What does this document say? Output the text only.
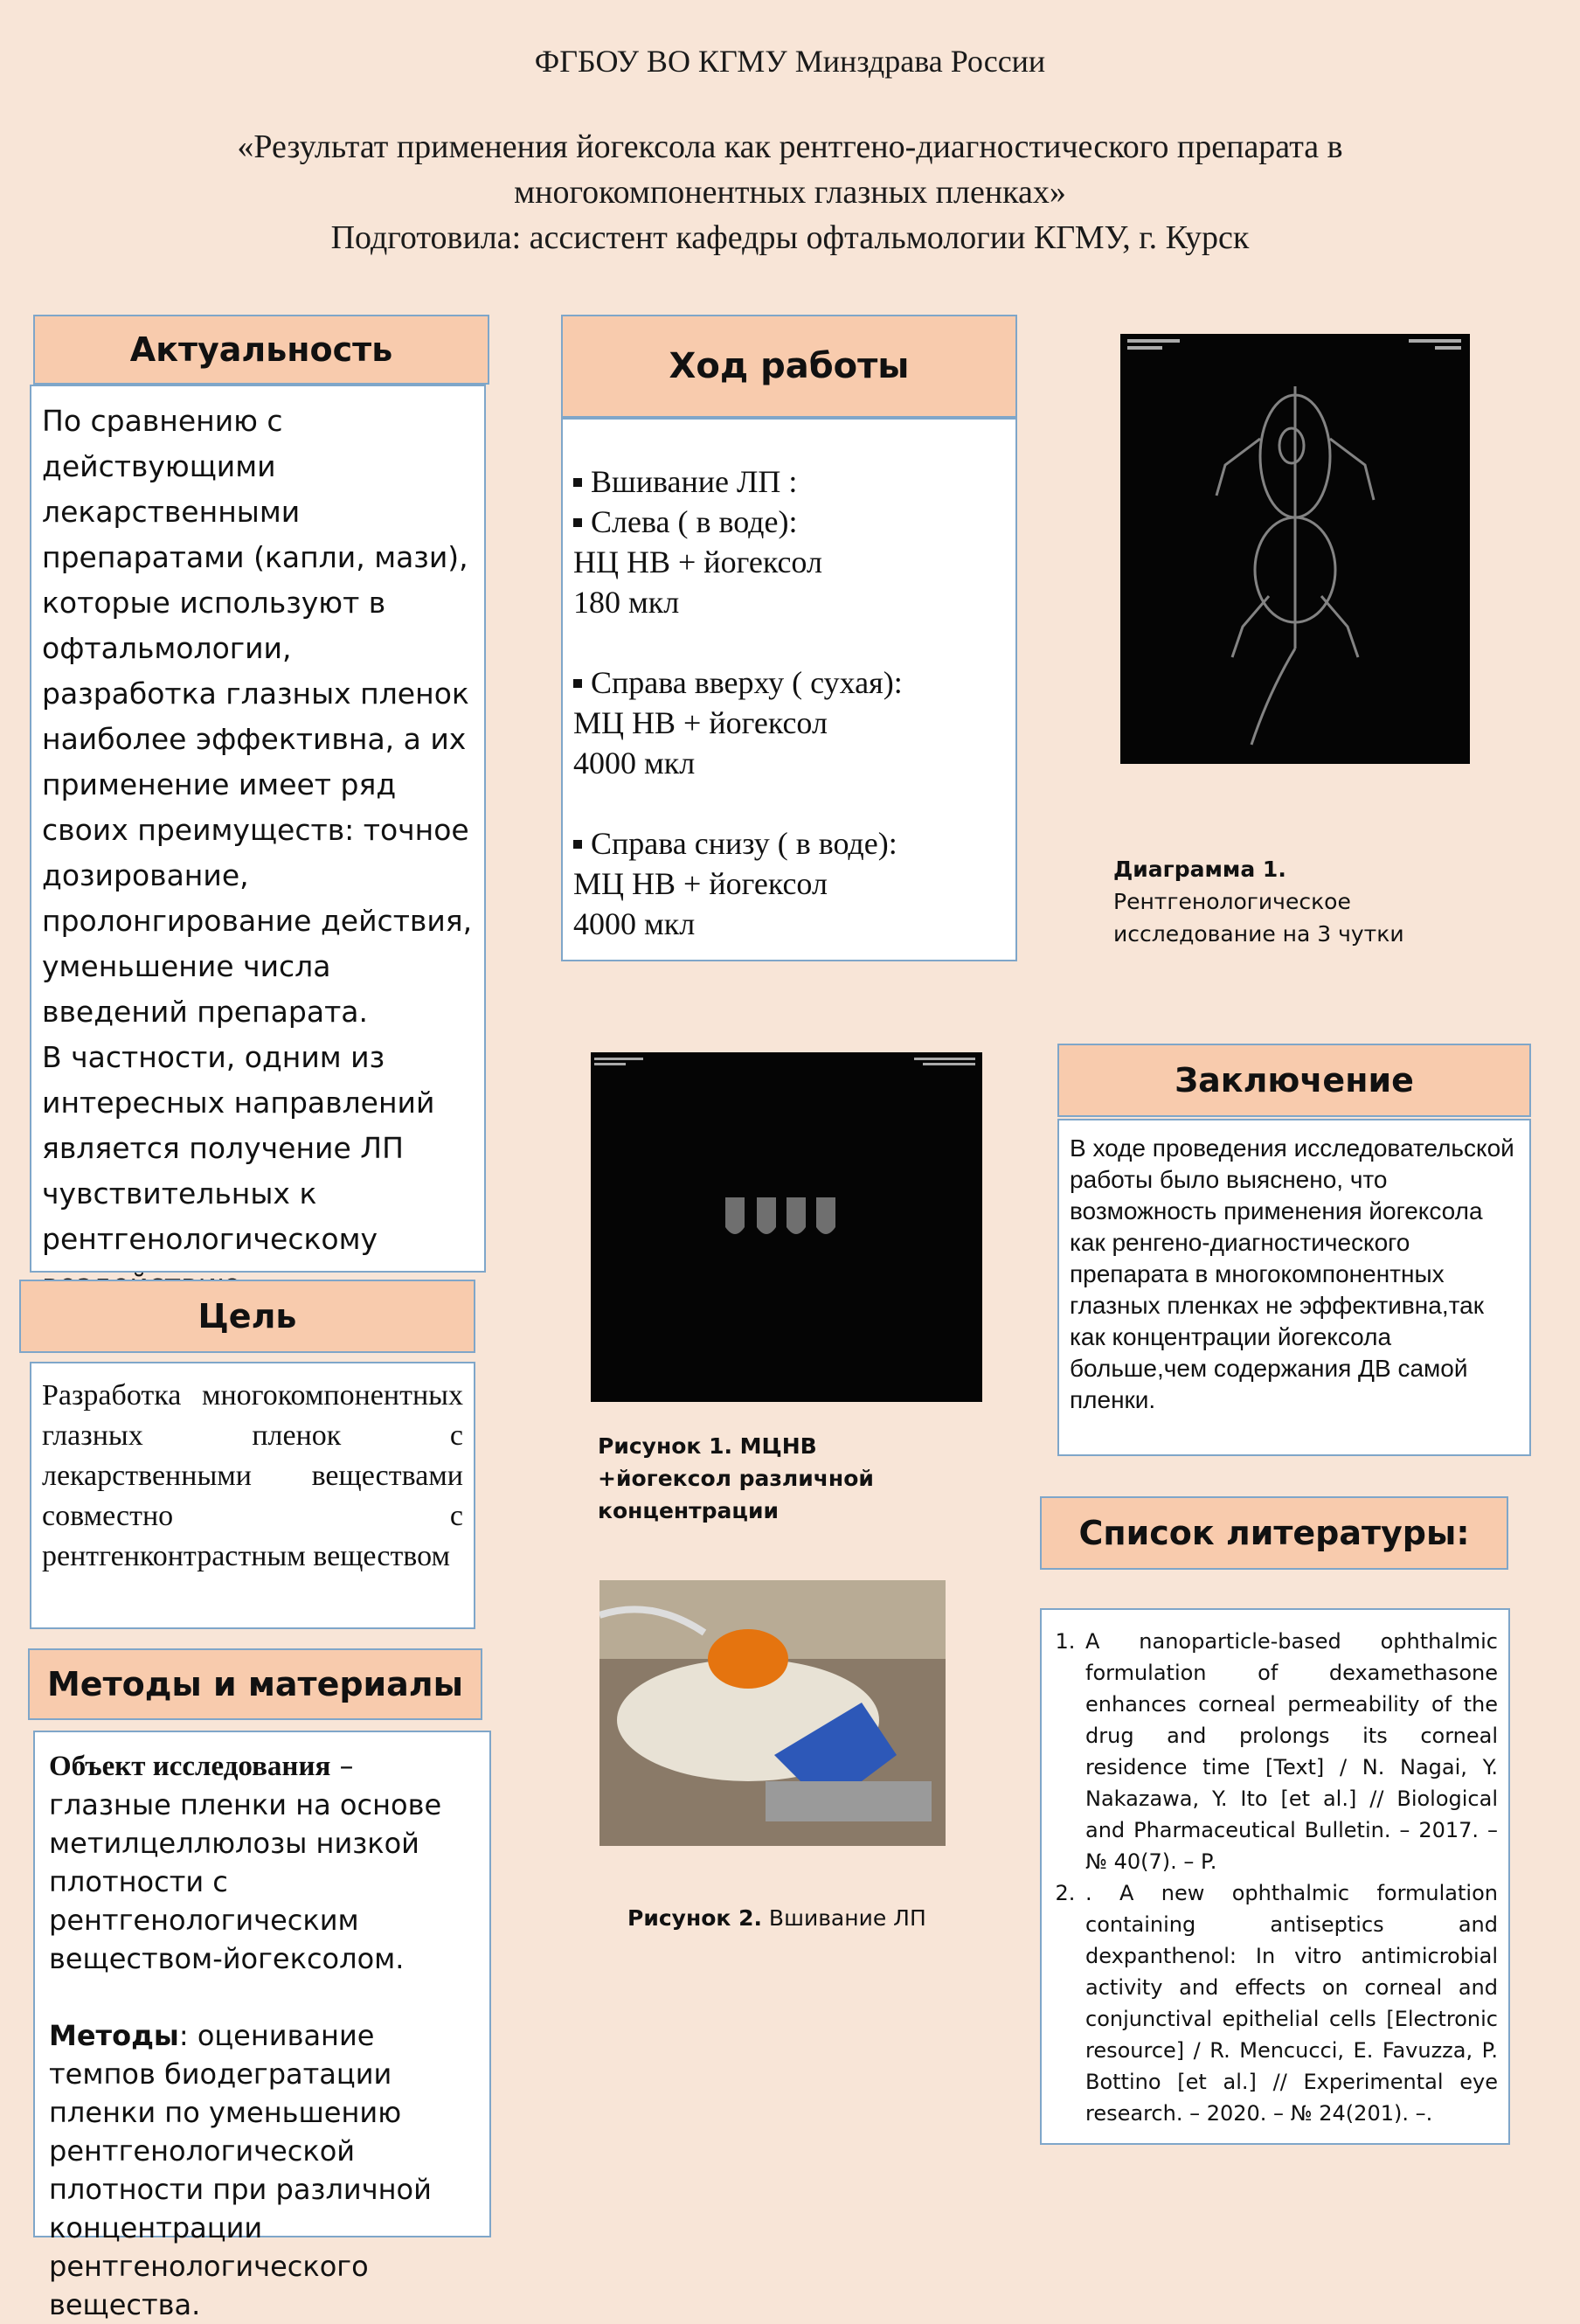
ФГБОУ ВО КГМУ Минздрава России
«Результат применения йогексола как рентгено-диагностического препарата в
многокомпонентных глазных пленках»
Подготовила: ассистент кафедры офтальмологии КГМУ, г. Курск
Актуальность
По сравнению с действующими лекарственными препаратами (капли, мази), которые используют в офтальмологии, разработка глазных пленок наиболее эффективна, а их применение имеет ряд своих преимуществ: точное дозирование, пролонгирование действия, уменьшение числа введений препарата.
В частности, одним из интересных направлений является получение ЛП чувствительных к рентгенологическому
Цель
Разработка многокомпонентных глазных пленок с лекарственными веществами совместно с рентгенконтрастным веществом
Методы и материалы
Объект исследования – глазные пленки на основе метилцеллюлозы низкой плотности с рентгенологическим веществом-йогексолом.
Методы: оценивание темпов биодегратации пленки по уменьшению рентгенологической плотности при различной концентрации рентгенологического вещества.
Ход работы
Вшивание ЛП :
Слева ( в воде):
НЦ НВ + йогексол
180 мкл
Справа вверху ( сухая):
МЦ НВ + йогексол
4000 мкл
Справа снизу ( в воде):
МЦ НВ + йогексол
4000 мкл
Диаграмма 1. Рентгенологическое исследование на 3 чутки
Рисунок 1. МЦНВ +йогексол различной концентрации
Рисунок 2. Вшивание ЛП
Заключение
В ходе проведения исследовательской работы было выяснено, что возможность применения йогексола как ренгено-диагностического препарата в многокомпонентных глазных пленках не эффективна,так как концентрации йогексола больше,чем содержания ДВ самой пленки.
Список литературы:
1. A nanoparticle-based ophthalmic formulation of dexamethasone enhances corneal permeability of the drug and prolongs its corneal residence time [Text] / N. Nagai, Y. Nakazawa, Y. Ito [et al.] // Biological and Pharmaceutical Bulletin. – 2017. – № 40(7). – P.
2. . A new ophthalmic formulation containing antiseptics and dexpanthenol: In vitro antimicrobial activity and effects on corneal and conjunctival epithelial cells [Electronic resource] / R. Mencucci, E. Favuzza, P. Bottino [et al.] // Experimental eye research. – 2020. – № 24(201). –.
